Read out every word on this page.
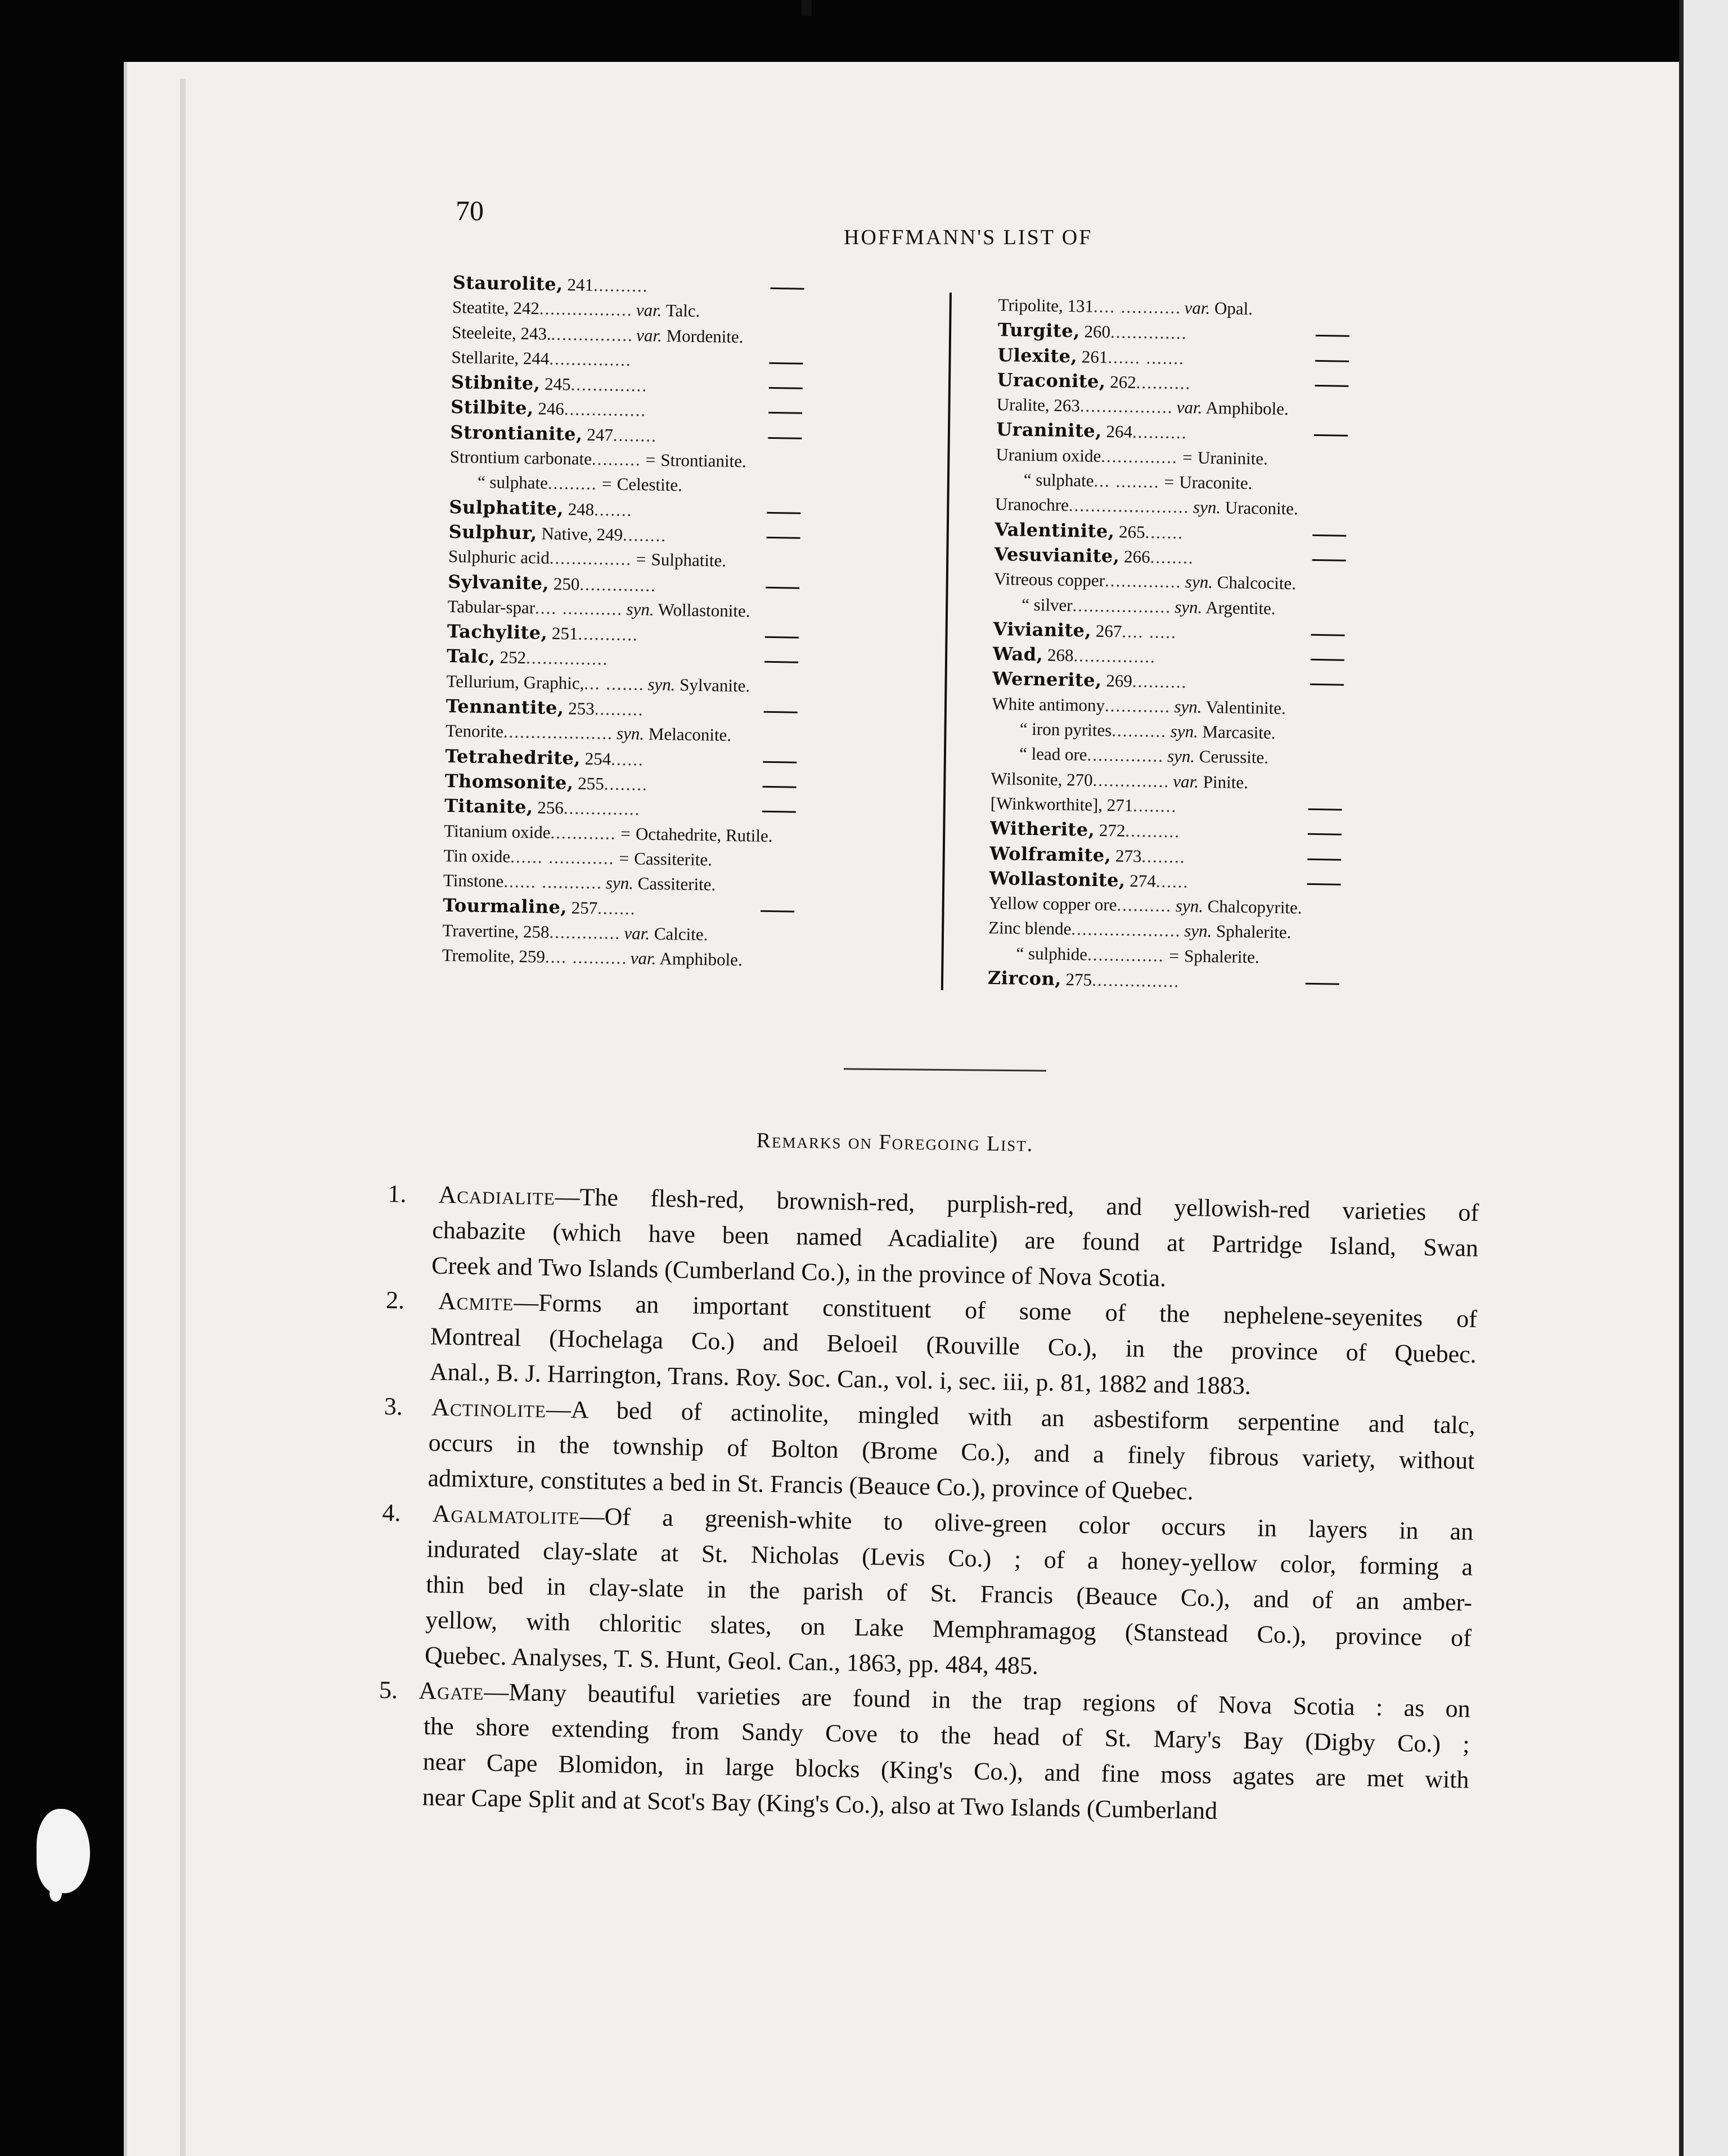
70
HOFFMANN'S LIST OF
Staurolite, 241..........
Steatite, 242................. var. Talc.
Steeleite, 243................ var. Mordenite.
Stellarite, 244...............
Stibnite, 245..............
Stilbite, 246...............
Strontianite, 247........
Strontium carbonate......... = Strontianite.
“ sulphate......... = Celestite.
Sulphatite, 248.......
Sulphur, Native, 249........
Sulphuric acid............... = Sulphatite.
Sylvanite, 250..............
Tabular-spar.... ........... syn. Wollastonite.
Tachylite, 251...........
Talc, 252...............
Tellurium, Graphic,... ....... syn. Sylvanite.
Tennantite, 253.........
Tenorite.................... syn. Melaconite.
Tetrahedrite, 254......
Thomsonite, 255........
Titanite, 256..............
Titanium oxide............ = Octahedrite, Rutile.
Tin oxide...... ............ = Cassiterite.
Tinstone...... ........... syn. Cassiterite.
Tourmaline, 257.......
Travertine, 258............. var. Calcite.
Tremolite, 259.... .......... var. Amphibole.
Tripolite, 131.... ........... var. Opal.
Turgite, 260..............
Ulexite, 261...... .......
Uraconite, 262..........
Uralite, 263................. var. Amphibole.
Uraninite, 264..........
Uranium oxide.............. = Uraninite.
“ sulphate... ........ = Uraconite.
Uranochre...................... syn. Uraconite.
Valentinite, 265.......
Vesuvianite, 266........
Vitreous copper.............. syn. Chalcocite.
“ silver.................. syn. Argentite.
Vivianite, 267.... .....
Wad, 268...............
Wernerite, 269..........
White antimony............ syn. Valentinite.
“ iron pyrites.......... syn. Marcasite.
“ lead ore.............. syn. Cerussite.
Wilsonite, 270.............. var. Pinite.
[Winkworthite], 271........
Witherite, 272..........
Wolframite, 273........
Wollastonite, 274......
Yellow copper ore.......... syn. Chalcopyrite.
Zinc blende.................... syn. Sphalerite.
“ sulphide.............. = Sphalerite.
Zircon, 275................
Remarks on Foregoing List.

1. Acadialite—The flesh-red, brownish-red, purplish-red, and yellowish-red varieties of
chabazite (which have been named Acadialite) are found at Partridge Island, Swan
Creek and Two Islands (Cumberland Co.), in the province of Nova Scotia.

2. Acmite—Forms an important constituent of some of the nephelene-seyenites of
Montreal (Hochelaga Co.) and Beloeil (Rouville Co.), in the province of Quebec.
Anal., B. J. Harrington, Trans. Roy. Soc. Can., vol. i, sec. iii, p. 81, 1882 and 1883.

3. Actinolite—A bed of actinolite, mingled with an asbestiform serpentine and talc,
occurs in the township of Bolton (Brome Co.), and a finely fibrous variety, without
admixture, constitutes a bed in St. Francis (Beauce Co.), province of Quebec.

4. Agalmatolite—Of a greenish-white to olive-green color occurs in layers in an
indurated clay-slate at St. Nicholas (Levis Co.) ; of a honey-yellow color, forming a
thin bed in clay-slate in the parish of St. Francis (Beauce Co.), and of an amber-
yellow, with chloritic slates, on Lake Memphramagog (Stanstead Co.), province of
Quebec. Analyses, T. S. Hunt, Geol. Can., 1863, pp. 484, 485.

5. Agate—Many beautiful varieties are found in the trap regions of Nova Scotia : as on
the shore extending from Sandy Cove to the head of St. Mary's Bay (Digby Co.) ;
near Cape Blomidon, in large blocks (King's Co.), and fine moss agates are met with
near Cape Split and at Scot's Bay (King's Co.), also at Two Islands (Cumberland
